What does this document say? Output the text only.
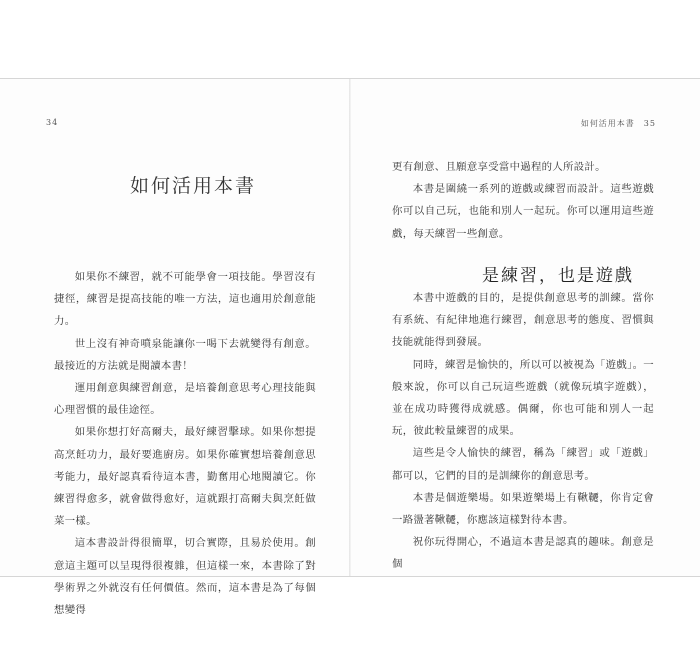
34
如何活用本書

如果你不練習，就不可能學會一項技能。學習沒有捷徑，練習是提高技能的唯一方法，這也適用於創意能力。

世上沒有神奇噴泉能讓你一喝下去就變得有創意。最接近的方法就是閱讀本書！

運用創意與練習創意，是培養創意思考心理技能與心理習慣的最佳途徑。

如果你想打好高爾夫，最好練習擊球。如果你想提高烹飪功力，最好要進廚房。如果你確實想培養創意思考能力，最好認真看待這本書，勤奮用心地閱讀它。你練習得愈多，就會做得愈好，這就跟打高爾夫與烹飪做菜一樣。

這本書設計得很簡單，切合實際，且易於使用。創意這主題可以呈現得很複雜，但這樣一來，本書除了對學術界之外就沒有任何價值。然而，這本書是為了每個想變得

如何活用本書　35

更有創意、且願意享受當中過程的人所設計。

本書是圍繞一系列的遊戲或練習而設計。這些遊戲你可以自己玩，也能和別人一起玩。你可以運用這些遊戲，每天練習一些創意。

是練習，也是遊戲

本書中遊戲的目的，是提供創意思考的訓練。當你有系統、有紀律地進行練習，創意思考的態度、習慣與技能就能得到發展。

同時，練習是愉快的，所以可以被視為「遊戲」。一般來說，你可以自己玩這些遊戲（就像玩填字遊戲），並在成功時獲得成就感。偶爾，你也可能和別人一起玩，彼此較量練習的成果。

這些是令人愉快的練習，稱為「練習」或「遊戲」都可以，它們的目的是訓練你的創意思考。

本書是個遊樂場。如果遊樂場上有鞦韆，你肯定會一路盪著鞦韆，你應該這樣對待本書。

祝你玩得開心，不過這本書是認真的趣味。創意是個
